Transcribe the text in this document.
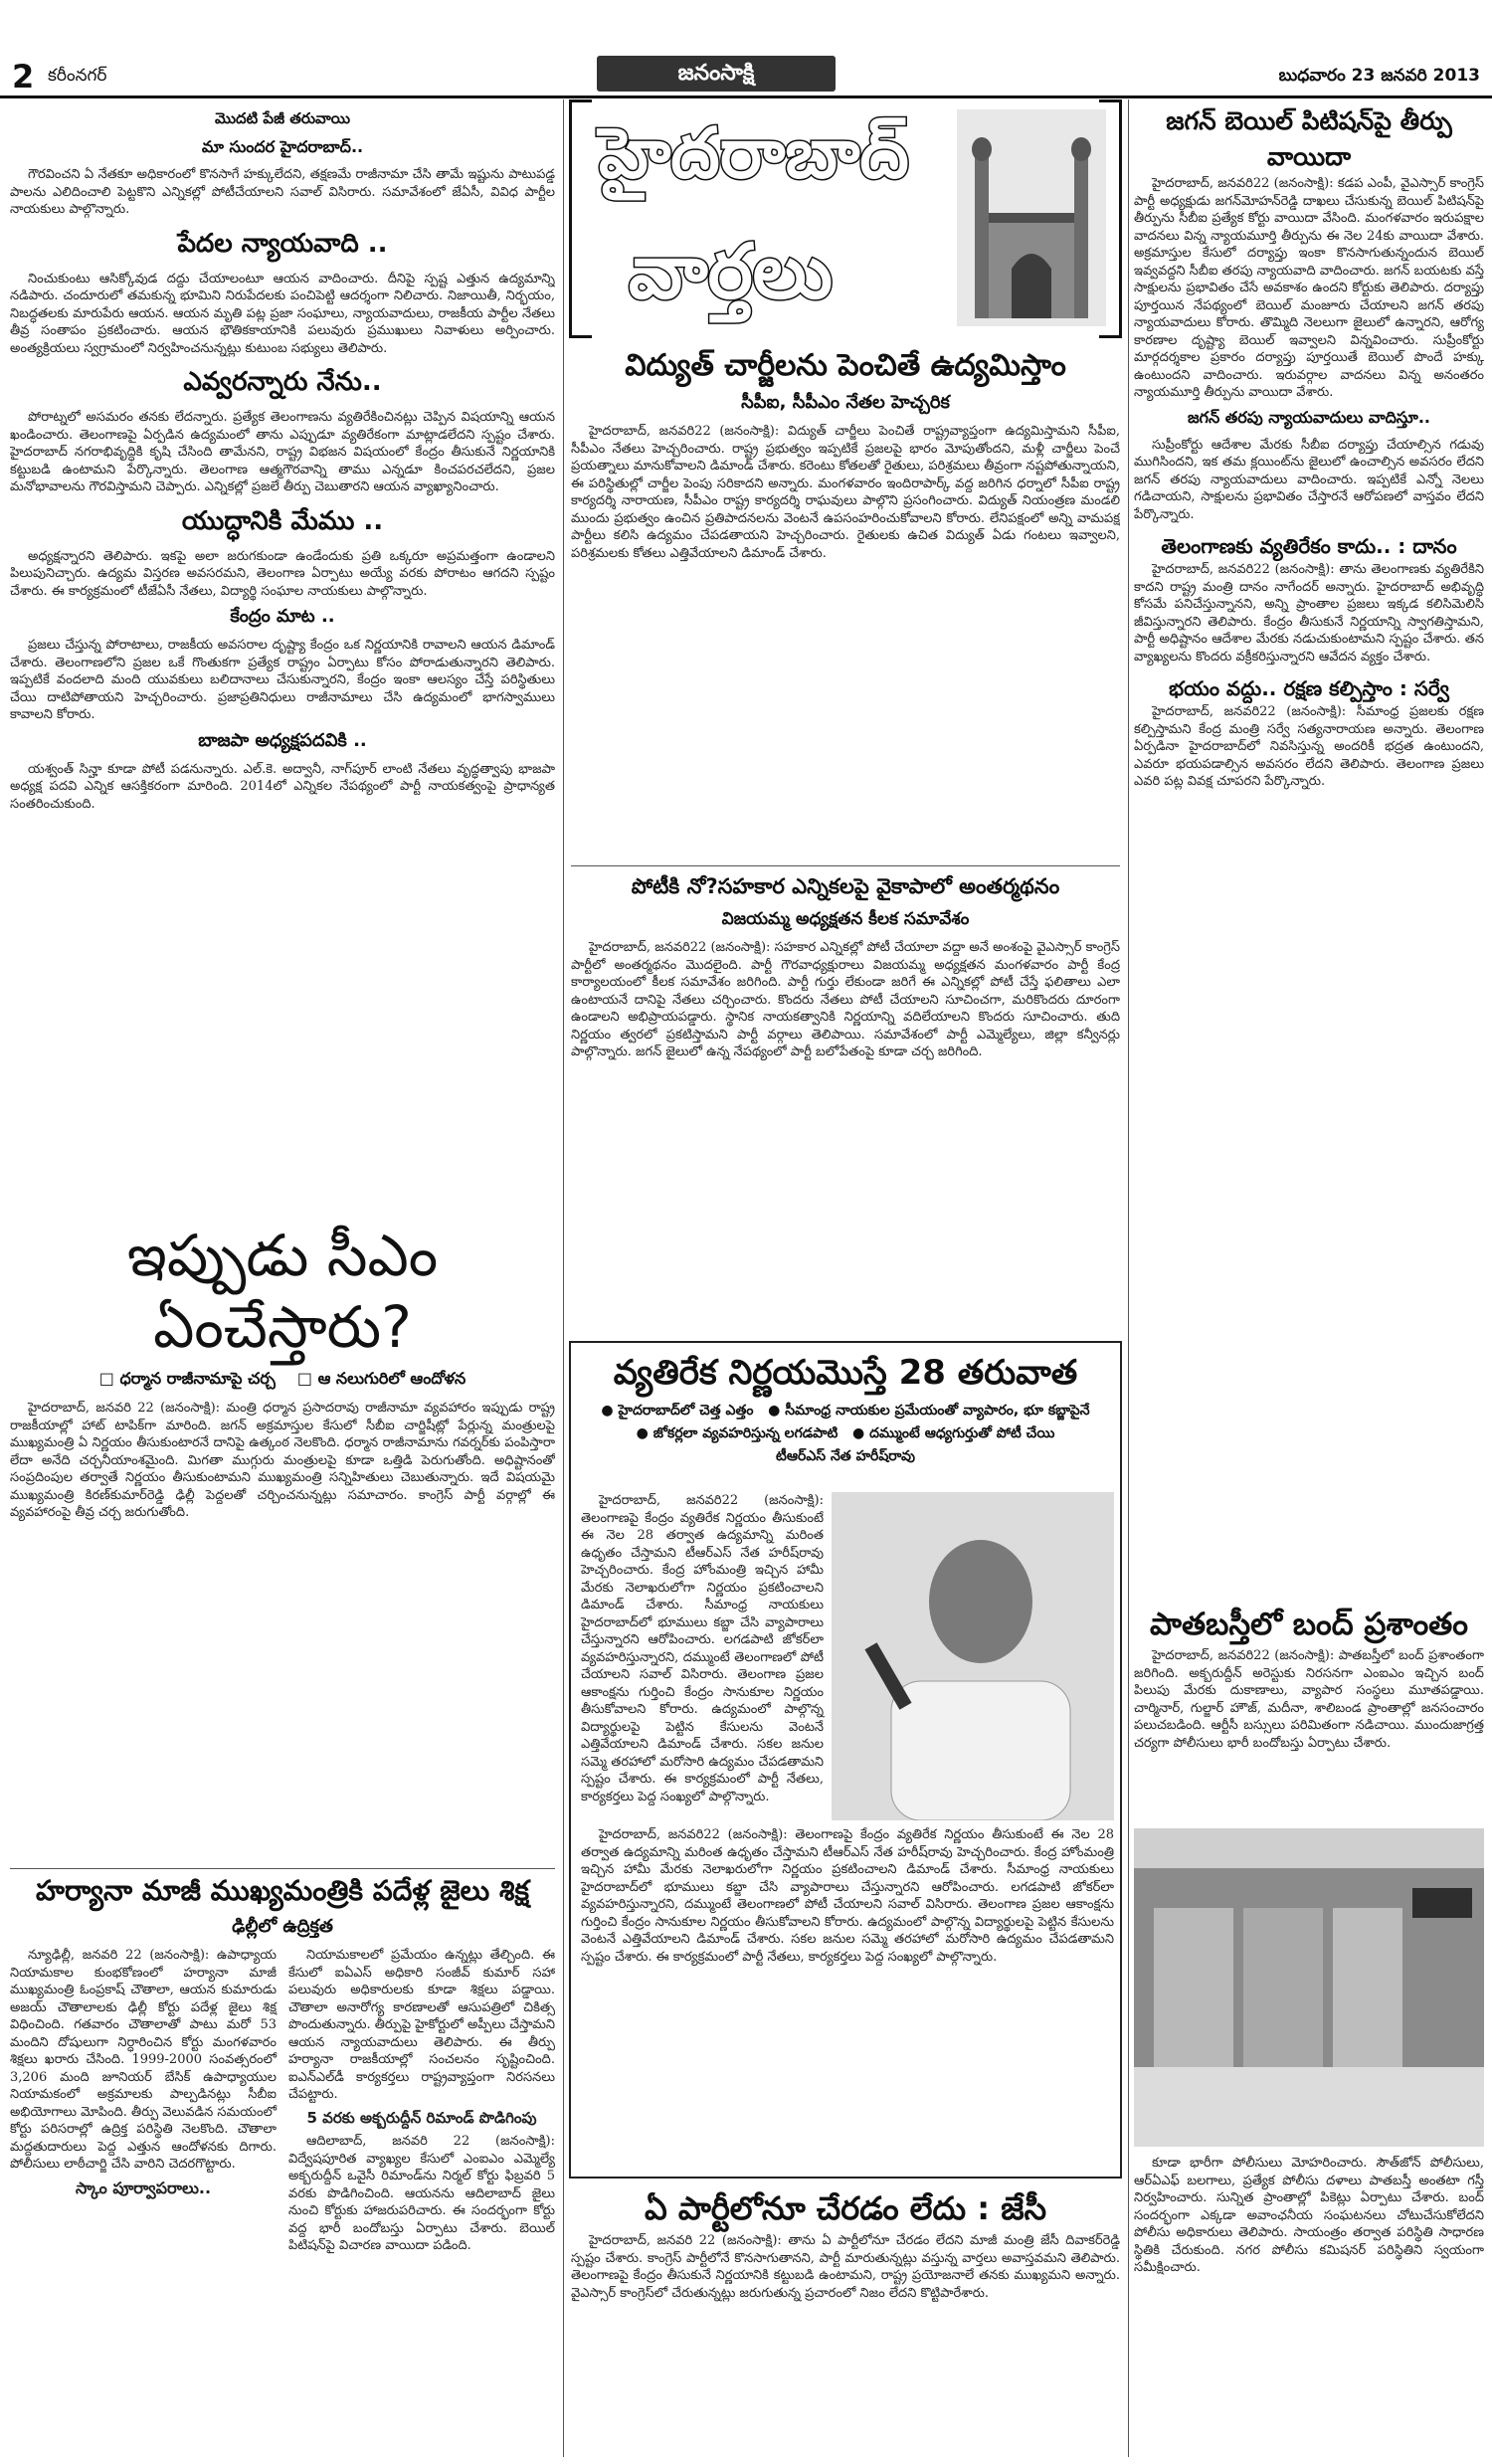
2 కరీంనగర్	జనంసాక్షి	బుధవారం 23 జనవరి 2013
మొదటి పేజీ తరువాయి
మా సుందర హైదరాబాద్‌..

గౌరవించని ఏ నేతకూ అధికారంలో కొనసాగే హక్కులేదని, తక్షణమే రాజీనామా చేసి తామే ఇష్టును పాటుపడ్డ పాలను ఎలిదించాలి పెట్టకొని ఎన్నికల్లో పోటీచేయాలని సవాల్ విసిరారు. సమావేశంలో జేఏసీ, వివిధ పార్టీల నాయకులు పాల్గొన్నారు.

పేదల న్యాయవాది ..

నించుకుంటు ఆసిక్కోవుడ దద్దు చేయాలంటూ ఆయన వాదించారు. దీనిపై స్పష్ట ఎత్తున ఉద్యమాన్ని నడిపారు. చందూరులో తమకున్న భూమిని నిరుపేదలకు పంచిపెట్టి ఆదర్శంగా నిలిచారు. నిజాయితీ, నిర్భయం, నిబద్ధతలకు మారుపేరు ఆయన. ఆయన మృతి పట్ల ప్రజా సంఘాలు, న్యాయవాదులు, రాజకీయ పార్టీల నేతలు తీవ్ర సంతాపం ప్రకటించారు. ఆయన భౌతికకాయానికి పలువురు ప్రముఖులు నివాళులు అర్పించారు. అంత్యక్రియలు స్వగ్రామంలో నిర్వహించనున్నట్లు కుటుంబ సభ్యులు తెలిపారు.

ఎవ్వరన్నారు నేను..

పోరాట్నలో అసమరం తనకు లేదన్నారు. ప్రత్యేక తెలంగాణను వ్యతిరేకించినట్లు చెప్పిన విషయాన్ని ఆయన ఖండించారు. తెలంగాణపై ఏర్పడిన ఉద్యమంలో తాను ఎప్పుడూ వ్యతిరేకంగా మాట్లాడలేదని స్పష్టం చేశారు. హైదరాబాద్ నగరాభివృద్ధికి కృషి చేసింది తామేనని, రాష్ట్ర విభజన విషయంలో కేంద్రం తీసుకునే నిర్ణయానికి కట్టుబడి ఉంటామని పేర్కొన్నారు. తెలంగాణ ఆత్మగౌరవాన్ని తాము ఎన్నడూ కించపరచలేదని, ప్రజల మనోభావాలను గౌరవిస్తామని చెప్పారు. ఎన్నికల్లో ప్రజలే తీర్పు చెబుతారని ఆయన వ్యాఖ్యానించారు.

యుద్ధానికి మేము ..

అధ్యక్షన్నారని తెలిపారు. ఇకపై అలా జరుగకుండా ఉండేందుకు ప్రతి ఒక్కరూ అప్రమత్తంగా ఉండాలని పిలుపునిచ్చారు. ఉద్యమ విస్తరణ అవసరమని, తెలంగాణ ఏర్పాటు అయ్యే వరకు పోరాటం ఆగదని స్పష్టం చేశారు. ఈ కార్యక్రమంలో టీజేఏసీ నేతలు, విద్యార్థి సంఘాల నాయకులు పాల్గొన్నారు.

కేంద్రం మాట ..

ప్రజలు చేస్తున్న పోరాటాలు, రాజకీయ అవసరాల దృష్ట్యా కేంద్రం ఒక నిర్ణయానికి రావాలని ఆయన డిమాండ్ చేశారు. తెలంగాణలోని ప్రజల ఒకే గొంతుకగా ప్రత్యేక రాష్ట్రం ఏర్పాటు కోసం పోరాడుతున్నారని తెలిపారు. ఇప్పటికే వందలాది మంది యువకులు బలిదానాలు చేసుకున్నారని, కేంద్రం ఇంకా ఆలస్యం చేస్తే పరిస్థితులు చేయి దాటిపోతాయని హెచ్చరించారు. ప్రజాప్రతినిధులు రాజీనామాలు చేసి ఉద్యమంలో భాగస్వాములు కావాలని కోరారు.

బాజపా అధ్యక్షపదవికి ..

యశ్వంత్‌ సిన్హా కూడా పోటీ పడనున్నారు. ఎల్‌.కె. అద్వానీ, నాగ్‌పూర్‌ లాంటి నేతలు వృద్ధత్వాపు భాజపా అధ్యక్ష పదవి ఎన్నిక ఆసక్తికరంగా మారింది. 2014లో ఎన్నికల నేపథ్యంలో పార్టీ నాయకత్వంపై ప్రాధాన్యత సంతరించుకుంది.

ఇప్పుడు సీఎం ఏంచేస్తారు?
□ ధర్మాన రాజీనామాపై చర్చ □ ఆ నలుగురిలో ఆందోళన

హైదరాబాద్‌, జనవరి 22 (జనంసాక్షి): మంత్రి ధర్మాన ప్రసాదరావు రాజీనామా వ్యవహారం ఇప్పుడు రాష్ట్ర రాజకీయాల్లో హాట్ టాపిక్‌గా మారింది. జగన్ అక్రమాస్తుల కేసులో సీబీఐ చార్జిషీట్లో పేర్లున్న మంత్రులపై ముఖ్యమంత్రి ఏ నిర్ణయం తీసుకుంటారనే దానిపై ఉత్కంఠ నెలకొంది. ధర్మాన రాజీనామాను గవర్నర్‌కు పంపిస్తారా లేదా అనేది చర్చనీయాంశమైంది. మిగతా ముగ్గురు మంత్రులపై కూడా ఒత్తిడి పెరుగుతోంది. అధిష్టానంతో సంప్రదింపుల తర్వాతే నిర్ణయం తీసుకుంటామని ముఖ్యమంత్రి సన్నిహితులు చెబుతున్నారు. ఇదే విషయమై ముఖ్యమంత్రి కిరణ్‌కుమార్‌రెడ్డి ఢిల్లీ పెద్దలతో చర్చించనున్నట్లు సమాచారం. కాంగ్రెస్ పార్టీ వర్గాల్లో ఈ వ్యవహారంపై తీవ్ర చర్చ జరుగుతోంది.

హర్యానా మాజీ ముఖ్యమంత్రికి పదేళ్ల జైలు శిక్ష
ఢిల్లీలో ఉద్రిక్తత

న్యూఢిల్లీ, జనవరి 22 (జనంసాక్షి): ఉపాధ్యాయ నియామకాల కుంభకోణంలో హర్యానా మాజీ ముఖ్యమంత్రి ఓంప్రకాష్‌ చౌతాలా, ఆయన కుమారుడు అజయ్‌ చౌతాలాలకు ఢిల్లీ కోర్టు పదేళ్ల జైలు శిక్ష విధించింది. గతవారం చౌతాలాతో పాటు మరో 53 మందిని దోషులుగా నిర్ధారించిన కోర్టు మంగళవారం శిక్షలు ఖరారు చేసింది. 1999-2000 సంవత్సరంలో 3,206 మంది జూనియర్ బేసిక్ ఉపాధ్యాయుల నియామకంలో అక్రమాలకు పాల్పడినట్లు సీబీఐ అభియోగాలు మోపింది. తీర్పు వెలువడిన సమయంలో కోర్టు పరిసరాల్లో ఉద్రిక్త పరిస్థితి నెలకొంది. చౌతాలా మద్దతుదారులు పెద్ద ఎత్తున ఆందోళనకు దిగారు. పోలీసులు లాఠీచార్జి చేసి వారిని చెదరగొట్టారు.

స్కాం పూర్వాపరాలు..

నియామకాలలో ప్రమేయం ఉన్నట్లు తేల్చింది. ఈ కేసులో ఐఏఎస్ అధికారి సంజీవ్ కుమార్ సహా పలువురు అధికారులకు కూడా శిక్షలు పడ్డాయి. చౌతాలా అనారోగ్య కారణాలతో ఆసుపత్రిలో చికిత్స పొందుతున్నారు. తీర్పుపై హైకోర్టులో అప్పీలు చేస్తామని ఆయన న్యాయవాదులు తెలిపారు. ఈ తీర్పు హర్యానా రాజకీయాల్లో సంచలనం సృష్టించింది. ఐఎన్‌ఎల్‌డీ కార్యకర్తలు రాష్ట్రవ్యాప్తంగా నిరసనలు చేపట్టారు.

5 వరకు అక్బరుద్దీన్ రిమాండ్ పొడిగింపు

ఆదిలాబాద్‌, జనవరి 22 (జనంసాక్షి): విద్వేషపూరిత వ్యాఖ్యల కేసులో ఎంఐఎం ఎమ్మెల్యే అక్బరుద్దీన్ ఒవైసీ రిమాండ్‌ను నిర్మల్ కోర్టు ఫిబ్రవరి 5 వరకు పొడిగించింది. ఆయనను ఆదిలాబాద్ జైలు నుంచి కోర్టుకు హాజరుపరిచారు. ఈ సందర్భంగా కోర్టు వద్ద భారీ బందోబస్తు ఏర్పాటు చేశారు. బెయిల్ పిటిషన్‌పై విచారణ వాయిదా పడింది.

హైదరాబాద్
వార్తలు
విద్యుత్‌ చార్జీలను పెంచితే ఉద్యమిస్తాం
సీపీఐ, సీపీఎం నేతల హెచ్చరిక

హైదరాబాద్‌, జనవరి22 (జనంసాక్షి): విద్యుత్‌ చార్జీలు పెంచితే రాష్ట్రవ్యాప్తంగా ఉద్యమిస్తామని సీపీఐ, సీపీఎం నేతలు హెచ్చరించారు. రాష్ట్ర ప్రభుత్వం ఇప్పటికే ప్రజలపై భారం మోపుతోందని, మళ్లీ చార్జీలు పెంచే ప్రయత్నాలు మానుకోవాలని డిమాండ్ చేశారు. కరెంటు కోతలతో రైతులు, పరిశ్రమలు తీవ్రంగా నష్టపోతున్నాయని, ఈ పరిస్థితుల్లో చార్జీల పెంపు సరికాదని అన్నారు. మంగళవారం ఇందిరాపార్క్ వద్ద జరిగిన ధర్నాలో సీపీఐ రాష్ట్ర కార్యదర్శి నారాయణ, సీపీఎం రాష్ట్ర కార్యదర్శి రాఘవులు పాల్గొని ప్రసంగించారు. విద్యుత్ నియంత్రణ మండలి ముందు ప్రభుత్వం ఉంచిన ప్రతిపాదనలను వెంటనే ఉపసంహరించుకోవాలని కోరారు. లేనిపక్షంలో అన్ని వామపక్ష పార్టీలు కలిసి ఉద్యమం చేపడతాయని హెచ్చరించారు. రైతులకు ఉచిత విద్యుత్ ఏడు గంటలు ఇవ్వాలని, పరిశ్రమలకు కోతలు ఎత్తివేయాలని డిమాండ్ చేశారు.

పోటీకి నో?సహకార ఎన్నికలపై వైకాపాలో అంతర్మథనం
విజయమ్మ అధ్యక్షతన కీలక సమావేశం

హైదరాబాద్‌, జనవరి22 (జనంసాక్షి): సహకార ఎన్నికల్లో పోటీ చేయాలా వద్దా అనే అంశంపై వైఎస్సార్ కాంగ్రెస్ పార్టీలో అంతర్మథనం మొదలైంది. పార్టీ గౌరవాధ్యక్షురాలు విజయమ్మ అధ్యక్షతన మంగళవారం పార్టీ కేంద్ర కార్యాలయంలో కీలక సమావేశం జరిగింది. పార్టీ గుర్తు లేకుండా జరిగే ఈ ఎన్నికల్లో పోటీ చేస్తే ఫలితాలు ఎలా ఉంటాయనే దానిపై నేతలు చర్చించారు. కొందరు నేతలు పోటీ చేయాలని సూచించగా, మరికొందరు దూరంగా ఉండాలని అభిప్రాయపడ్డారు. స్థానిక నాయకత్వానికి నిర్ణయాన్ని వదిలేయాలని కొందరు సూచించారు. తుది నిర్ణయం త్వరలో ప్రకటిస్తామని పార్టీ వర్గాలు తెలిపాయి. సమావేశంలో పార్టీ ఎమ్మెల్యేలు, జిల్లా కన్వీనర్లు పాల్గొన్నారు. జగన్ జైలులో ఉన్న నేపథ్యంలో పార్టీ బలోపేతంపై కూడా చర్చ జరిగింది.

వ్యతిరేక నిర్ణయమొస్తే 28 తరువాత
● హైదరాబాద్‌లో చెత్త ఎత్తం   ● సీమాంధ్ర నాయకుల ప్రమేయంతో వ్యాపారం, భూ కబ్జాపైనే
● జోకర్లలా వ్యవహరిస్తున్న లగడపాటి   ● దమ్ముంటే ఆధ్యగుర్తుతో పోటీ చేయి
టీఆర్ఎస్ నేత హరీష్‌రావు

హైదరాబాద్‌, జనవరి22 (జనంసాక్షి): తెలంగాణపై కేంద్రం వ్యతిరేక నిర్ణయం తీసుకుంటే ఈ నెల 28 తర్వాత ఉద్యమాన్ని మరింత ఉధృతం చేస్తామని టీఆర్ఎస్ నేత హరీష్‌రావు హెచ్చరించారు. కేంద్ర హోంమంత్రి ఇచ్చిన హామీ మేరకు నెలాఖరులోగా నిర్ణయం ప్రకటించాలని డిమాండ్ చేశారు. సీమాంధ్ర నాయకులు హైదరాబాద్‌లో భూములు కబ్జా చేసి వ్యాపారాలు చేస్తున్నారని ఆరోపించారు. లగడపాటి జోకర్‌లా వ్యవహరిస్తున్నారని, దమ్ముంటే తెలంగాణలో పోటీ చేయాలని సవాల్ విసిరారు. తెలంగాణ ప్రజల ఆకాంక్షను గుర్తించి కేంద్రం సానుకూల నిర్ణయం తీసుకోవాలని కోరారు. ఉద్యమంలో పాల్గొన్న విద్యార్థులపై పెట్టిన కేసులను వెంటనే ఎత్తివేయాలని డిమాండ్ చేశారు. సకల జనుల సమ్మె తరహాలో మరోసారి ఉద్యమం చేపడతామని స్పష్టం చేశారు. ఈ కార్యక్రమంలో పార్టీ నేతలు, కార్యకర్తలు పెద్ద సంఖ్యలో పాల్గొన్నారు.

హైదరాబాద్‌, జనవరి22 (జనంసాక్షి): తెలంగాణపై కేంద్రం వ్యతిరేక నిర్ణయం తీసుకుంటే ఈ నెల 28 తర్వాత ఉద్యమాన్ని మరింత ఉధృతం చేస్తామని టీఆర్ఎస్ నేత హరీష్‌రావు హెచ్చరించారు. కేంద్ర హోంమంత్రి ఇచ్చిన హామీ మేరకు నెలాఖరులోగా నిర్ణయం ప్రకటించాలని డిమాండ్ చేశారు. సీమాంధ్ర నాయకులు హైదరాబాద్‌లో భూములు కబ్జా చేసి వ్యాపారాలు చేస్తున్నారని ఆరోపించారు. లగడపాటి జోకర్‌లా వ్యవహరిస్తున్నారని, దమ్ముంటే తెలంగాణలో పోటీ చేయాలని సవాల్ విసిరారు. తెలంగాణ ప్రజల ఆకాంక్షను గుర్తించి కేంద్రం సానుకూల నిర్ణయం తీసుకోవాలని కోరారు. ఉద్యమంలో పాల్గొన్న విద్యార్థులపై పెట్టిన కేసులను వెంటనే ఎత్తివేయాలని డిమాండ్ చేశారు. సకల జనుల సమ్మె తరహాలో మరోసారి ఉద్యమం చేపడతామని స్పష్టం చేశారు. ఈ కార్యక్రమంలో పార్టీ నేతలు, కార్యకర్తలు పెద్ద సంఖ్యలో పాల్గొన్నారు.

ఏ పార్టీలోనూ చేరడం లేదు : జేసీ

హైదరాబాద్‌, జనవరి 22 (జనంసాక్షి): తాను ఏ పార్టీలోనూ చేరడం లేదని మాజీ మంత్రి జేసీ దివాకర్‌రెడ్డి స్పష్టం చేశారు. కాంగ్రెస్ పార్టీలోనే కొనసాగుతానని, పార్టీ మారుతున్నట్లు వస్తున్న వార్తలు అవాస్తవమని తెలిపారు. తెలంగాణపై కేంద్రం తీసుకునే నిర్ణయానికి కట్టుబడి ఉంటామని, రాష్ట్ర ప్రయోజనాలే తనకు ముఖ్యమని అన్నారు. వైఎస్సార్ కాంగ్రెస్‌లో చేరుతున్నట్లు జరుగుతున్న ప్రచారంలో నిజం లేదని కొట్టిపారేశారు.

జగన్‌ బెయిల్‌ పిటిషన్‌పై తీర్పు వాయిదా

హైదరాబాద్‌, జనవరి22 (జనంసాక్షి): కడప ఎంపీ, వైఎస్సార్ కాంగ్రెస్ పార్టీ అధ్యక్షుడు జగన్‌మోహన్‌రెడ్డి దాఖలు చేసుకున్న బెయిల్ పిటిషన్‌పై తీర్పును సీబీఐ ప్రత్యేక కోర్టు వాయిదా వేసింది. మంగళవారం ఇరుపక్షాల వాదనలు విన్న న్యాయమూర్తి తీర్పును ఈ నెల 24కు వాయిదా వేశారు. అక్రమాస్తుల కేసులో దర్యాప్తు ఇంకా కొనసాగుతున్నందున బెయిల్ ఇవ్వవద్దని సీబీఐ తరపు న్యాయవాది వాదించారు. జగన్ బయటకు వస్తే సాక్షులను ప్రభావితం చేసే అవకాశం ఉందని కోర్టుకు తెలిపారు. దర్యాప్తు పూర్తయిన నేపథ్యంలో బెయిల్ మంజూరు చేయాలని జగన్ తరపు న్యాయవాదులు కోరారు. తొమ్మిది నెలలుగా జైలులో ఉన్నారని, ఆరోగ్య కారణాల దృష్ట్యా బెయిల్ ఇవ్వాలని విన్నవించారు. సుప్రీంకోర్టు మార్గదర్శకాల ప్రకారం దర్యాప్తు పూర్తయితే బెయిల్ పొందే హక్కు ఉంటుందని వాదించారు. ఇరువర్గాల వాదనలు విన్న అనంతరం న్యాయమూర్తి తీర్పును వాయిదా వేశారు.

జగన్ తరపు న్యాయవాదులు వాదిస్తూ..

సుప్రీంకోర్టు ఆదేశాల మేరకు సీబీఐ దర్యాప్తు చేయాల్సిన గడువు ముగిసిందని, ఇక తమ క్లయింట్‌ను జైలులో ఉంచాల్సిన అవసరం లేదని జగన్ తరపు న్యాయవాదులు వాదించారు. ఇప్పటికే ఎన్నో నెలలు గడిచాయని, సాక్షులను ప్రభావితం చేస్తారనే ఆరోపణలో వాస్తవం లేదని పేర్కొన్నారు.

తెలంగాణకు వ్యతిరేకం కాదు.. : దానం

హైదరాబాద్‌, జనవరి22 (జనంసాక్షి): తాను తెలంగాణకు వ్యతిరేకిని కాదని రాష్ట్ర మంత్రి దానం నాగేందర్ అన్నారు. హైదరాబాద్‌ అభివృద్ధి కోసమే పనిచేస్తున్నానని, అన్ని ప్రాంతాల ప్రజలు ఇక్కడ కలిసిమెలిసి జీవిస్తున్నారని తెలిపారు. కేంద్రం తీసుకునే నిర్ణయాన్ని స్వాగతిస్తామని, పార్టీ అధిష్టానం ఆదేశాల మేరకు నడుచుకుంటామని స్పష్టం చేశారు. తన వ్యాఖ్యలను కొందరు వక్రీకరిస్తున్నారని ఆవేదన వ్యక్తం చేశారు.

భయం వద్దు.. రక్షణ కల్పిస్తాం : సర్వే

హైదరాబాద్‌, జనవరి22 (జనంసాక్షి): సీమాంధ్ర ప్రజలకు రక్షణ కల్పిస్తామని కేంద్ర మంత్రి సర్వే సత్యనారాయణ అన్నారు. తెలంగాణ ఏర్పడినా హైదరాబాద్‌లో నివసిస్తున్న అందరికీ భద్రత ఉంటుందని, ఎవరూ భయపడాల్సిన అవసరం లేదని తెలిపారు. తెలంగాణ ప్రజలు ఎవరి పట్ల వివక్ష చూపరని పేర్కొన్నారు.

పాతబస్తీలో బంద్‌ ప్రశాంతం

హైదరాబాద్‌, జనవరి22 (జనంసాక్షి): పాతబస్తీలో బంద్ ప్రశాంతంగా జరిగింది. అక్బరుద్దీన్ అరెస్టుకు నిరసనగా ఎంఐఎం ఇచ్చిన బంద్ పిలుపు మేరకు దుకాణాలు, వ్యాపార సంస్థలు మూతపడ్డాయి. చార్మినార్, గుల్జార్ హౌజ్, మదీనా, శాలిబండ ప్రాంతాల్లో జనసంచారం పలుచబడింది. ఆర్టీసీ బస్సులు పరిమితంగా నడిచాయి. ముందుజాగ్రత్త చర్యగా పోలీసులు భారీ బందోబస్తు ఏర్పాటు చేశారు.

కూడా భారీగా పోలీసులు మోహరించారు. సౌత్‌జోన్ పోలీసులు, ఆర్ఏఎఫ్ బలగాలు, ప్రత్యేక పోలీసు దళాలు పాతబస్తీ అంతటా గస్తీ నిర్వహించారు. సున్నిత ప్రాంతాల్లో పికెట్లు ఏర్పాటు చేశారు. బంద్ సందర్భంగా ఎక్కడా అవాంఛనీయ సంఘటనలు చోటుచేసుకోలేదని పోలీసు అధికారులు తెలిపారు. సాయంత్రం తర్వాత పరిస్థితి సాధారణ స్థితికి చేరుకుంది. నగర పోలీసు కమిషనర్ పరిస్థితిని స్వయంగా సమీక్షించారు.
